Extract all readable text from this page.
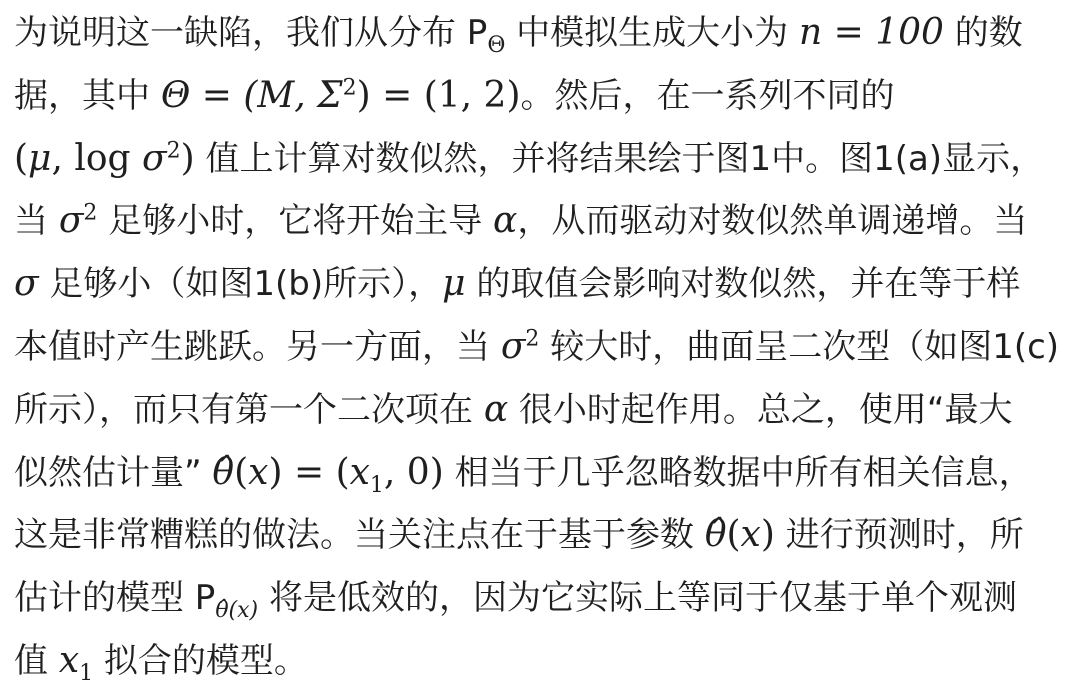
为说明这一缺陷，我们从分布 $P_\Theta$ 中模拟生成大小为 n = 100 的数
据，其中 Θ = (M, $\Sigma^2) = (1$, 2)。然后，在一系列不同的
(μ, $\log \sigma^2$) 值上计算对数似然，并将结果绘于图1中。图1(a)显示，
当 $\sigma^2$ 足够小时，它将开始主导 α，从而驱动对数似然单调递增。当
σ 足够小（如图1(b)所示），μ 的取值会影响对数似然，并在等于样
本值时产生跳跃。另一方面，当 $\sigma^2$ 较大时，曲面呈二次型（如图1(c)
所示），而只有第一个二次项在 α 很小时起作用。总之，使用“最大
似然估计量” θ̂(x) = ($x_1$, 0) 相当于几乎忽略数据中所有相关信息，
这是非常糟糕的做法。当关注点在于基于参数 θ̂(x) 进行预测时，所
估计的模型 $P_{\thetâ(x)}$ 将是低效的，因为它实际上等同于仅基于单个观测
值 $x_1$ 拟合的模型。
